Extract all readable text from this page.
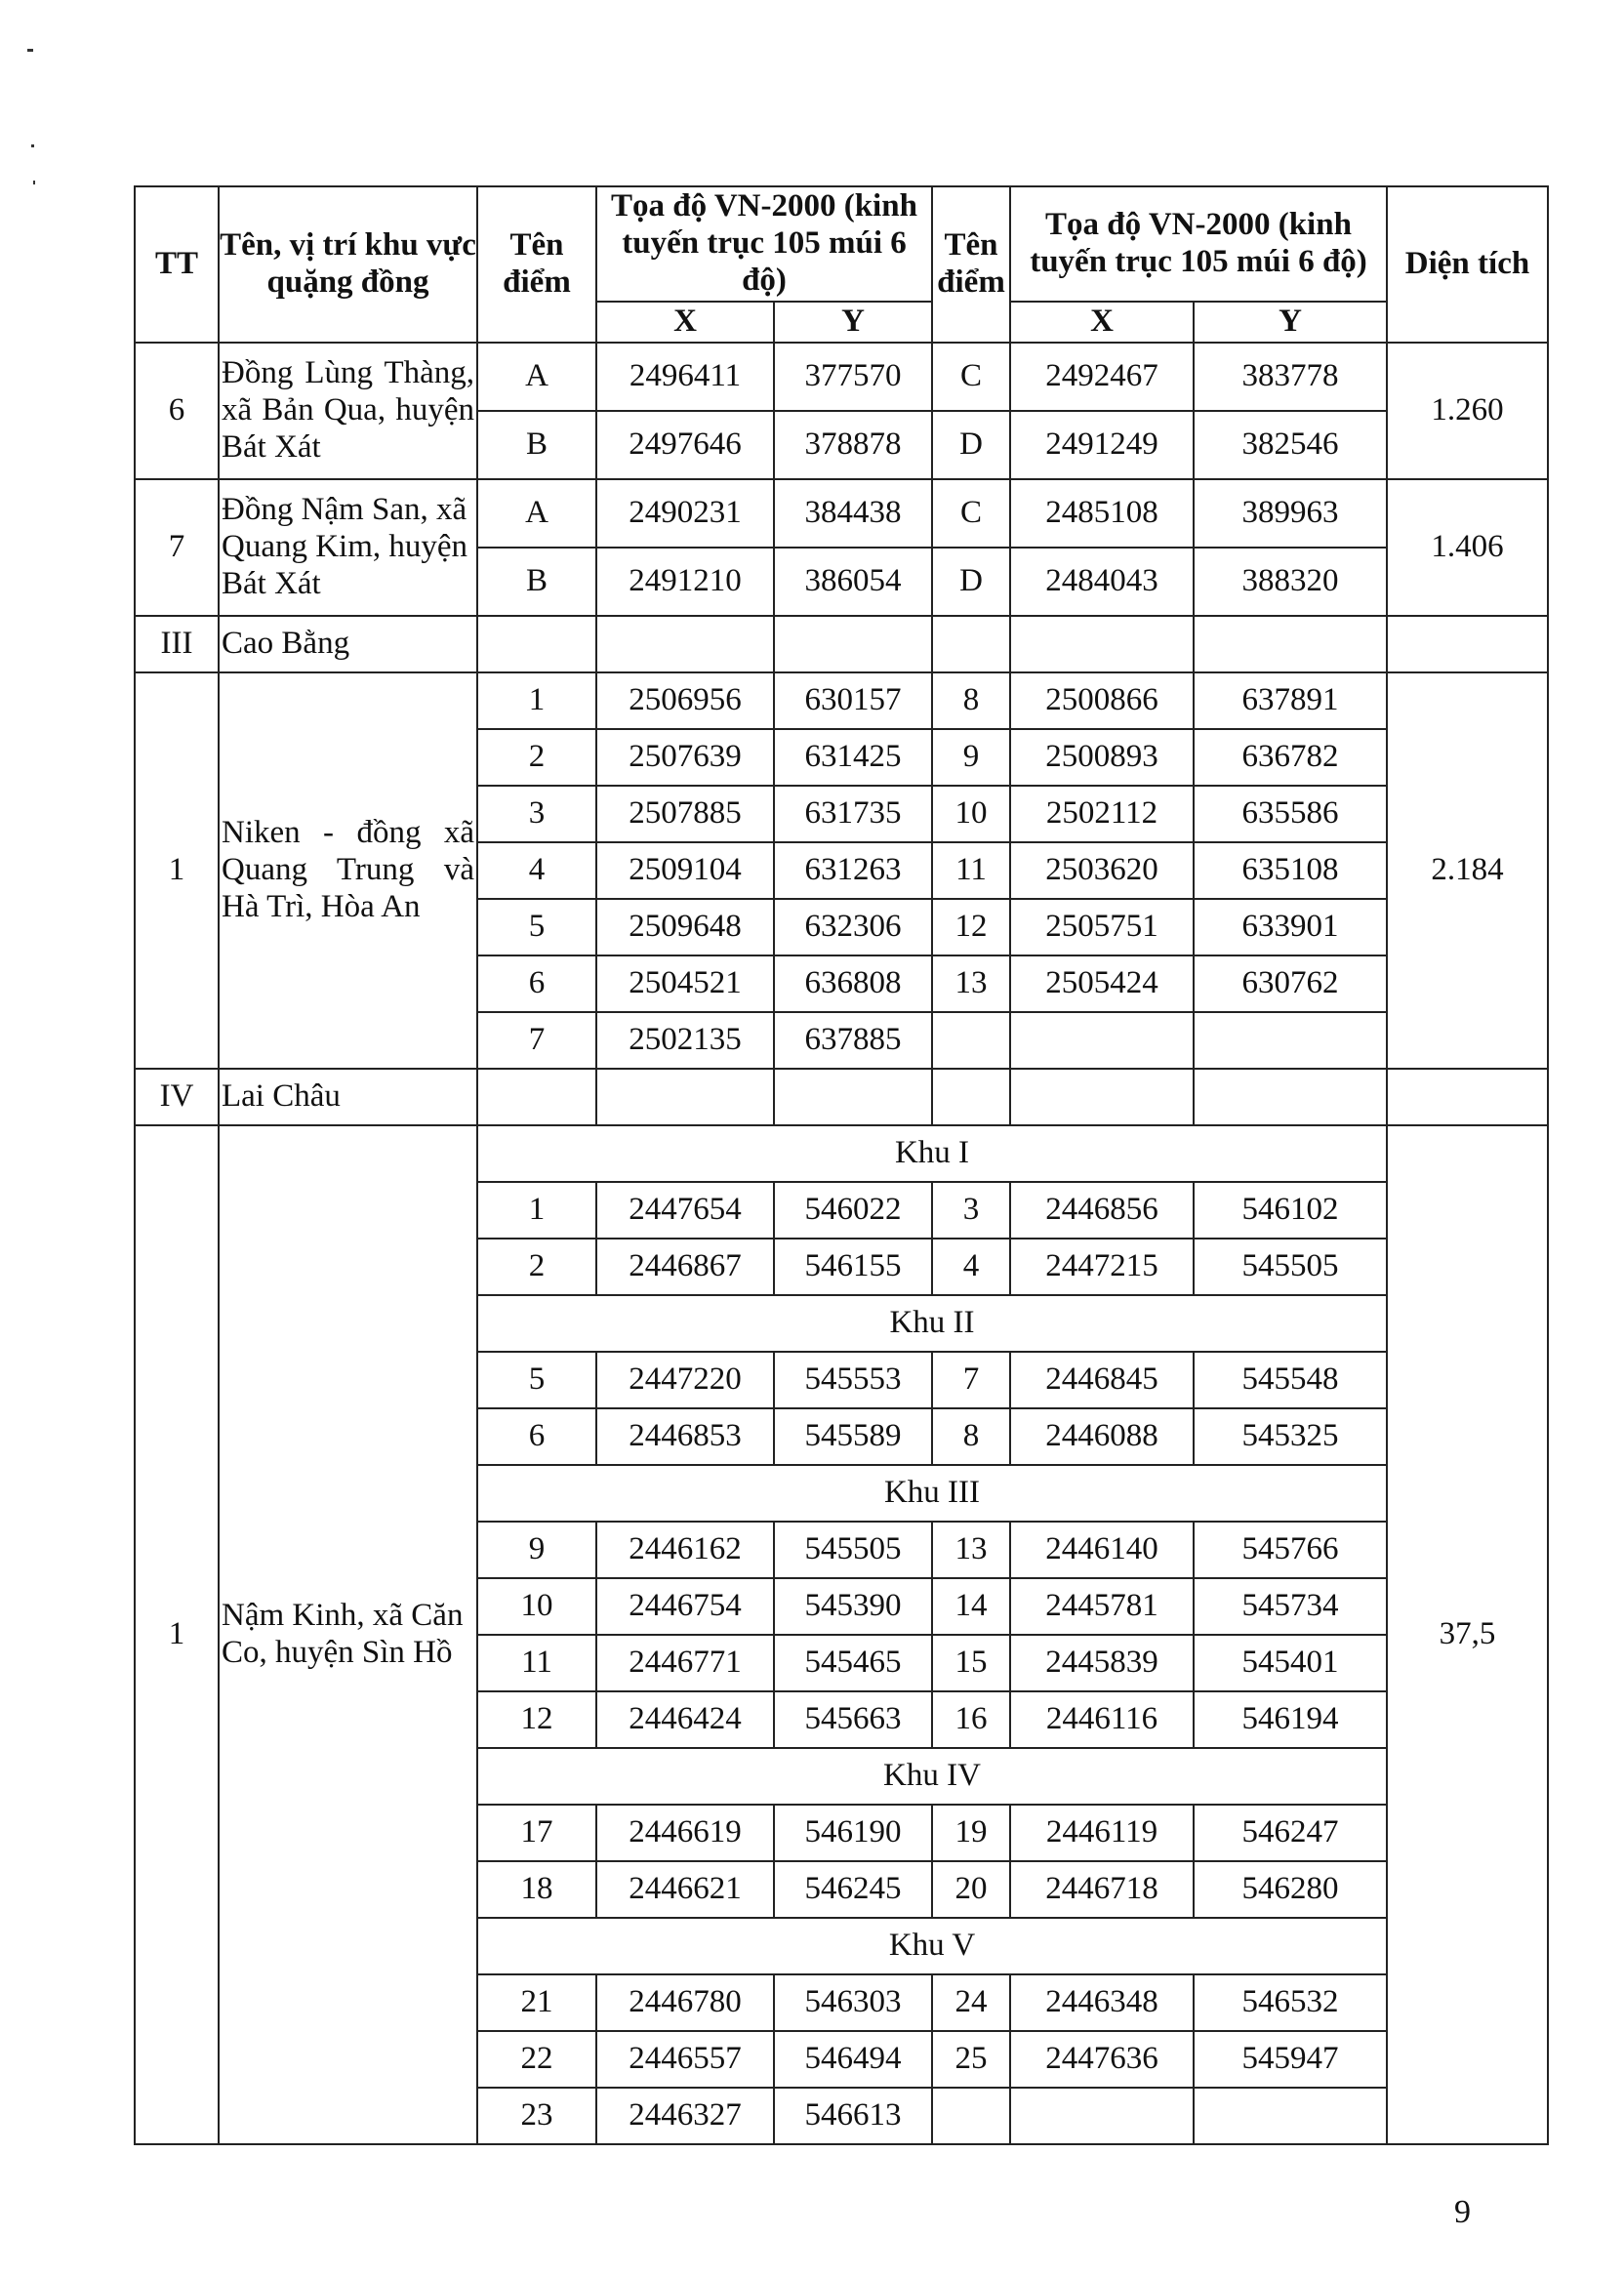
TT	Tên, vị trí khu vực quặng đồng	Tên điểm	Tọa độ VN-2000 (kinh tuyến trục 105 múi 6 độ)		Tên điểm	Tọa độ VN-2000 (kinh tuyến trục 105 múi 6 độ)		Diện tích
			X	Y		X	Y	
6	Đồng Lùng Thàng, xã Bản Qua, huyện Bát Xát	A	2496411	377570	C	2492467	383778	1.260
		B	2497646	378878	D	2491249	382546	
7	Đồng Nậm San, xã Quang Kim, huyện Bát Xát	A	2490231	384438	C	2485108	389963	1.406
		B	2491210	386054	D	2484043	388320	
III	Cao Bằng							
1	Niken - đồng xã Quang Trung và Hà Trì, Hòa An	1	2506956	630157	8	2500866	637891	2.184
		2	2507639	631425	9	2500893	636782	
		3	2507885	631735	10	2502112	635586	
		4	2509104	631263	11	2503620	635108	
		5	2509648	632306	12	2505751	633901	
		6	2504521	636808	13	2505424	630762	
		7	2502135	637885				
IV	Lai Châu							
1	Nậm Kinh, xã Căn Co, huyện Sìn Hồ	Khu I						37,5
		1	2447654	546022	3	2446856	546102	
		2	2446867	546155	4	2447215	545505	
		Khu II						
		5	2447220	545553	7	2446845	545548	
		6	2446853	545589	8	2446088	545325	
		Khu III						
		9	2446162	545505	13	2446140	545766	
		10	2446754	545390	14	2445781	545734	
		11	2446771	545465	15	2445839	545401	
		12	2446424	545663	16	2446116	546194	
		Khu IV						
		17	2446619	546190	19	2446119	546247	
		18	2446621	546245	20	2446718	546280	
		Khu V						
		21	2446780	546303	24	2446348	546532	
		22	2446557	546494	25	2447636	545947	
		23	2446327	546613				
9
